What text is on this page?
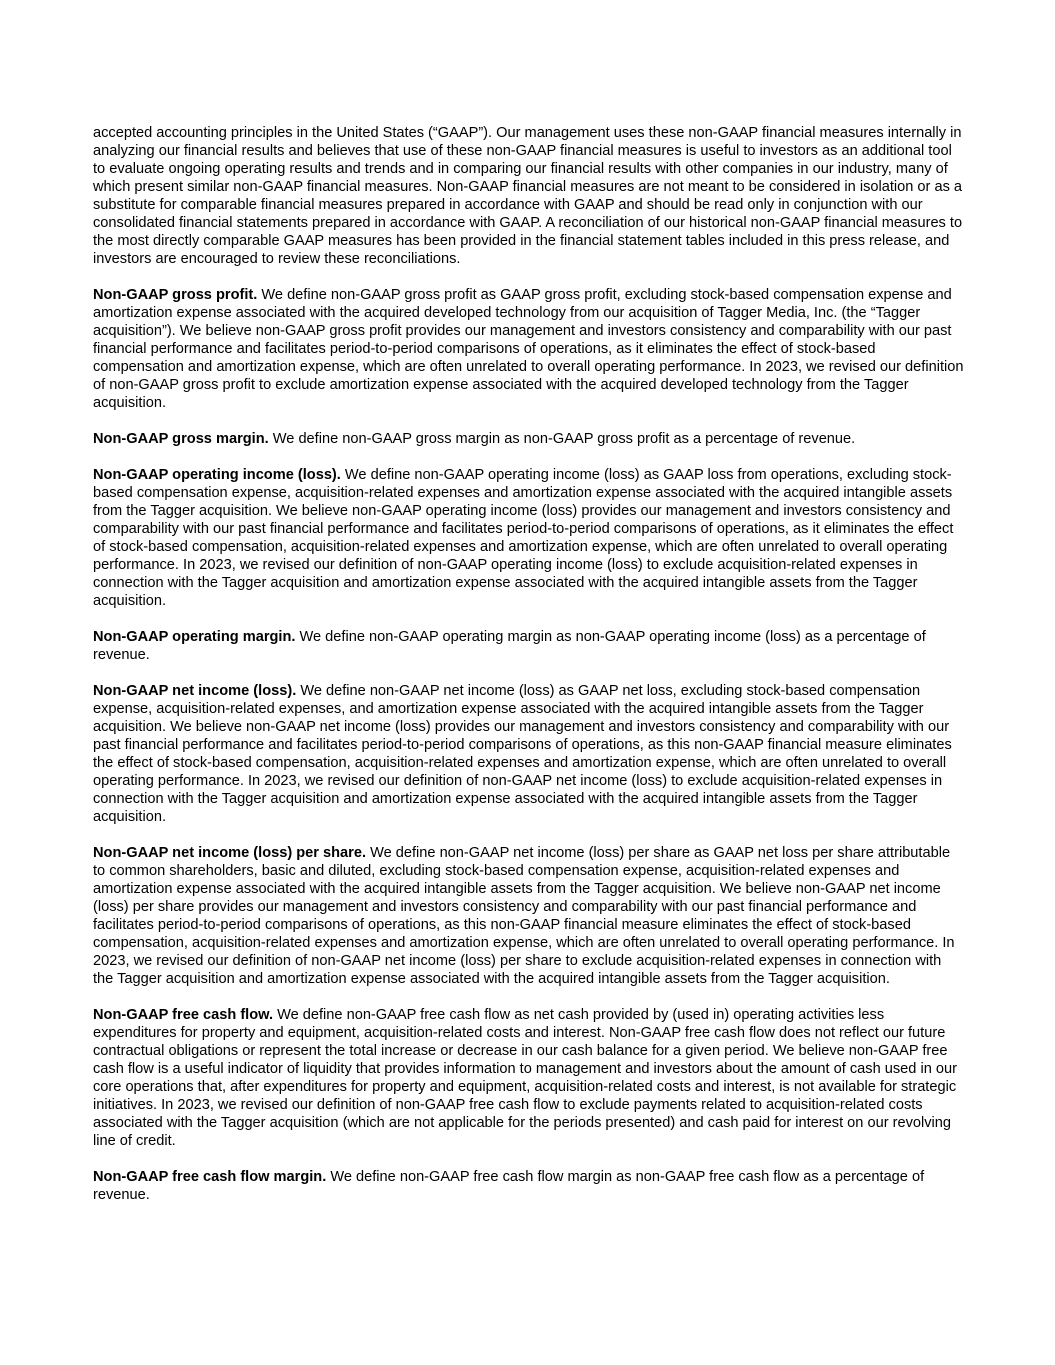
accepted accounting principles in the United States (“GAAP”). Our management uses these non-GAAP financial measures internally in analyzing our financial results and believes that use of these non-GAAP financial measures is useful to investors as an additional tool to evaluate ongoing operating results and trends and in comparing our financial results with other companies in our industry, many of which present similar non-GAAP financial measures. Non-GAAP financial measures are not meant to be considered in isolation or as a substitute for comparable financial measures prepared in accordance with GAAP and should be read only in conjunction with our consolidated financial statements prepared in accordance with GAAP. A reconciliation of our historical non-GAAP financial measures to the most directly comparable GAAP measures has been provided in the financial statement tables included in this press release, and investors are encouraged to review these reconciliations.

Non-GAAP gross profit. We define non-GAAP gross profit as GAAP gross profit, excluding stock-based compensation expense and amortization expense associated with the acquired developed technology from our acquisition of Tagger Media, Inc. (the “Tagger acquisition”). We believe non-GAAP gross profit provides our management and investors consistency and comparability with our past financial performance and facilitates period-to-period comparisons of operations, as it eliminates the effect of stock-based compensation and amortization expense, which are often unrelated to overall operating performance. In 2023, we revised our definition of non-GAAP gross profit to exclude amortization expense associated with the acquired developed technology from the Tagger acquisition.

Non-GAAP gross margin. We define non-GAAP gross margin as non-GAAP gross profit as a percentage of revenue.

Non-GAAP operating income (loss). We define non-GAAP operating income (loss) as GAAP loss from operations, excluding stock-based compensation expense, acquisition-related expenses and amortization expense associated with the acquired intangible assets from the Tagger acquisition. We believe non-GAAP operating income (loss) provides our management and investors consistency and comparability with our past financial performance and facilitates period-to-period comparisons of operations, as it eliminates the effect of stock-based compensation, acquisition-related expenses and amortization expense, which are often unrelated to overall operating performance. In 2023, we revised our definition of non-GAAP operating income (loss) to exclude acquisition-related expenses in connection with the Tagger acquisition and amortization expense associated with the acquired intangible assets from the Tagger acquisition.

Non-GAAP operating margin. We define non-GAAP operating margin as non-GAAP operating income (loss) as a percentage of revenue.

Non-GAAP net income (loss). We define non-GAAP net income (loss) as GAAP net loss, excluding stock-based compensation expense, acquisition-related expenses, and amortization expense associated with the acquired intangible assets from the Tagger acquisition. We believe non-GAAP net income (loss) provides our management and investors consistency and comparability with our past financial performance and facilitates period-to-period comparisons of operations, as this non-GAAP financial measure eliminates the effect of stock-based compensation, acquisition-related expenses and amortization expense, which are often unrelated to overall operating performance. In 2023, we revised our definition of non-GAAP net income (loss) to exclude acquisition-related expenses in connection with the Tagger acquisition and amortization expense associated with the acquired intangible assets from the Tagger acquisition.

Non-GAAP net income (loss) per share. We define non-GAAP net income (loss) per share as GAAP net loss per share attributable to common shareholders, basic and diluted, excluding stock-based compensation expense, acquisition-related expenses and amortization expense associated with the acquired intangible assets from the Tagger acquisition. We believe non-GAAP net income (loss) per share provides our management and investors consistency and comparability with our past financial performance and facilitates period-to-period comparisons of operations, as this non-GAAP financial measure eliminates the effect of stock-based compensation, acquisition-related expenses and amortization expense, which are often unrelated to overall operating performance. In 2023, we revised our definition of non-GAAP net income (loss) per share to exclude acquisition-related expenses in connection with the Tagger acquisition and amortization expense associated with the acquired intangible assets from the Tagger acquisition.

Non-GAAP free cash flow. We define non-GAAP free cash flow as net cash provided by (used in) operating activities less expenditures for property and equipment, acquisition-related costs and interest. Non-GAAP free cash flow does not reflect our future contractual obligations or represent the total increase or decrease in our cash balance for a given period. We believe non-GAAP free cash flow is a useful indicator of liquidity that provides information to management and investors about the amount of cash used in our core operations that, after expenditures for property and equipment, acquisition-related costs and interest, is not available for strategic initiatives. In 2023, we revised our definition of non-GAAP free cash flow to exclude payments related to acquisition-related costs associated with the Tagger acquisition (which are not applicable for the periods presented) and cash paid for interest on our revolving line of credit.

Non-GAAP free cash flow margin. We define non-GAAP free cash flow margin as non-GAAP free cash flow as a percentage of revenue.
